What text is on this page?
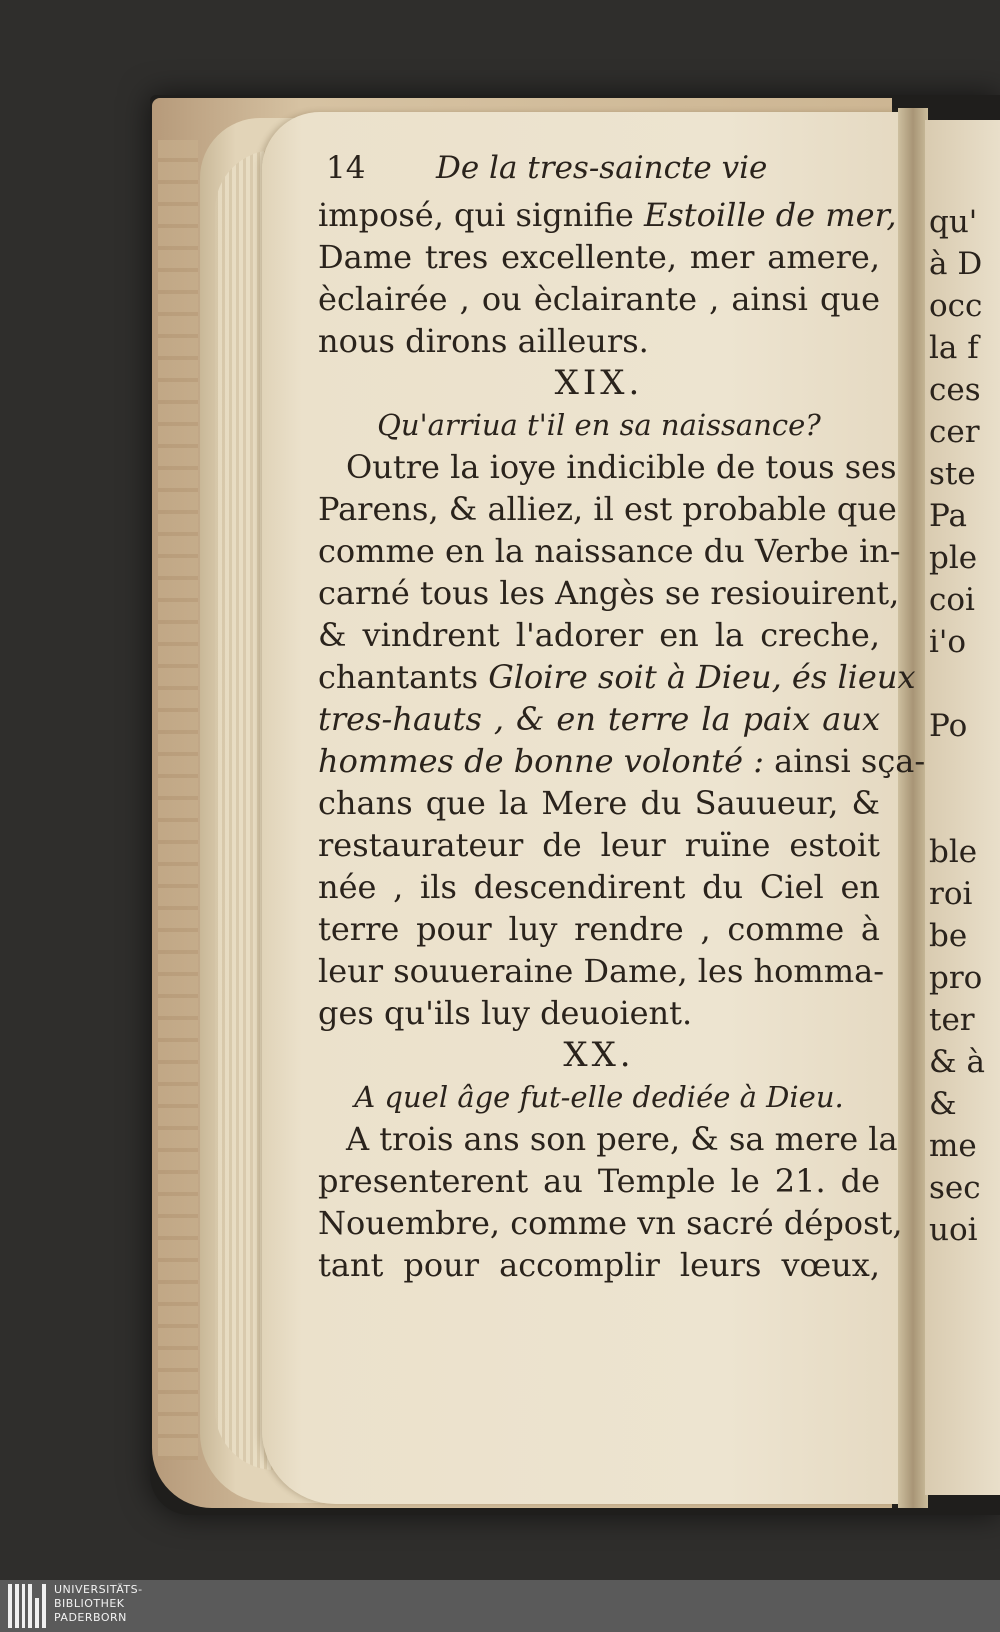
qu'
à D
occ
la f
ces
cer
ste
Pa
ple
coi
i'o
Po
ble
roi
be
pro
ter
& à
&
me
sec
uoi
14	De la tres-saincte vie
imposé, qui signifie Estoille de mer,
Dame tres excellente, mer amere,
èclairée , ou èclairante , ainsi que
nous dirons ailleurs.
XIX.
Qu'arriua t'il en sa naissance?
Outre la ioye indicible de tous ses
Parens, & alliez, il est probable que
comme en la naissance du Verbe in-
carné tous les Angès se resiouirent,
& vindrent l'adorer en la creche,
chantants Gloire soit à Dieu, és lieux
tres-hauts , & en terre la paix aux
hommes de bonne volonté : ainsi sça-
chans que la Mere du Sauueur, &
restaurateur de leur ruïne estoit
née , ils descendirent du Ciel en
terre pour luy rendre , comme à
leur souueraine Dame, les homma-
ges qu'ils luy deuoient.
XX.
A quel âge fut-elle dediée à Dieu.
A trois ans son pere, & sa mere la
presenterent au Temple le 21. de
Nouembre, comme vn sacré dépost,
tant pour accomplir leurs vœux,
UNIVERSITÄTS-
BIBLIOTHEK
PADERBORN
